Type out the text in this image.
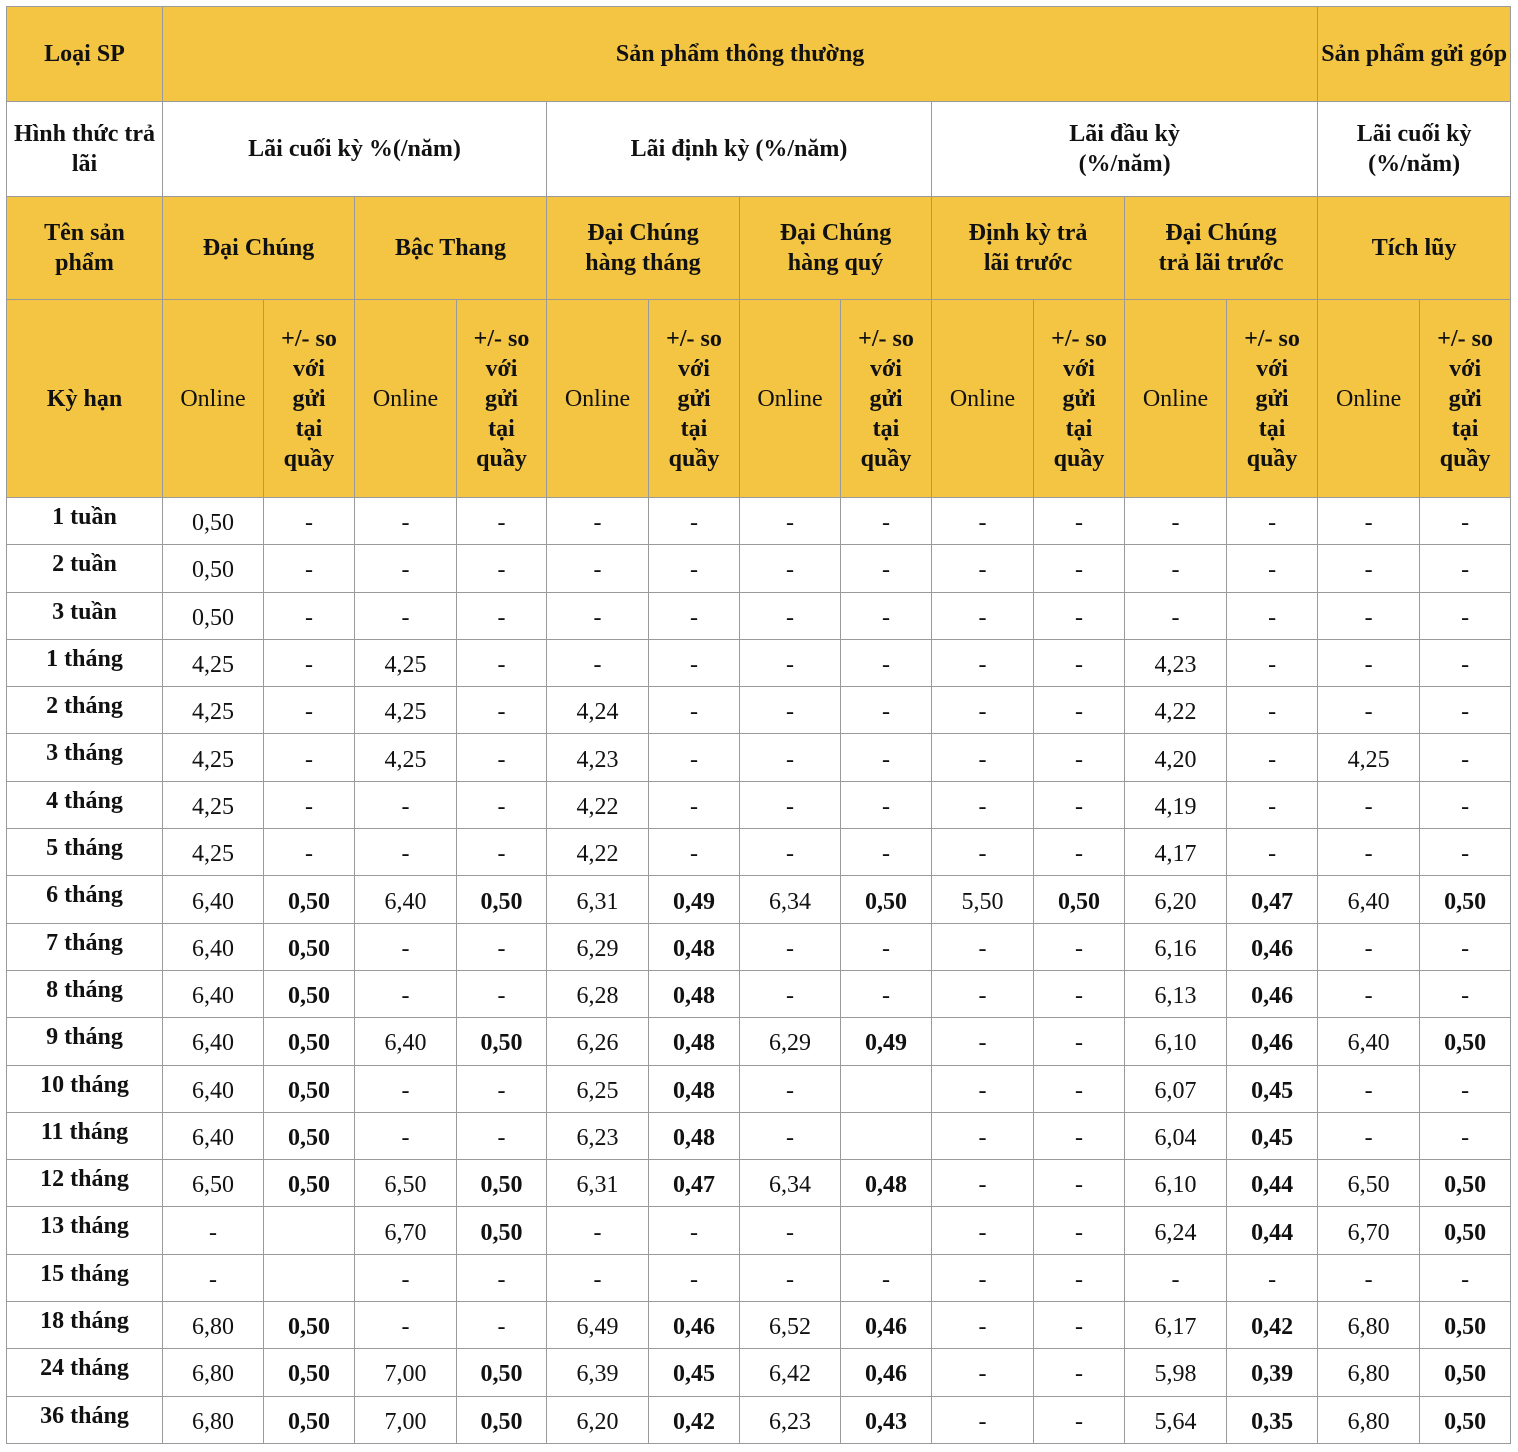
Loại SP	Sản phẩm thông thường												Sản phẩm gửi góp	
Hình thức trả lãi	Lãi cuối kỳ %(/năm)				Lãi định kỳ (%/năm)				Lãi đầu kỳ (%/năm)				Lãi cuối kỳ (%/năm)	
Tên sản phẩm	Đại Chúng		Bậc Thang		Đại Chúng hàng tháng		Đại Chúng hàng quý		Định kỳ trả lãi trước		Đại Chúng trả lãi trước		Tích lũy	
Kỳ hạn	Online	+/- so với gửi tại quầy	Online	+/- so với gửi tại quầy	Online	+/- so với gửi tại quầy	Online	+/- so với gửi tại quầy	Online	+/- so với gửi tại quầy	Online	+/- so với gửi tại quầy	Online	+/- so với gửi tại quầy
1 tuần	0,50	-	-	-	-	-	-	-	-	-	-	-	-	-
2 tuần	0,50	-	-	-	-	-	-	-	-	-	-	-	-	-
3 tuần	0,50	-	-	-	-	-	-	-	-	-	-	-	-	-
1 tháng	4,25	-	4,25	-	-	-	-	-	-	-	4,23	-	-	-
2 tháng	4,25	-	4,25	-	4,24	-	-	-	-	-	4,22	-	-	-
3 tháng	4,25	-	4,25	-	4,23	-	-	-	-	-	4,20	-	4,25	-
4 tháng	4,25	-	-	-	4,22	-	-	-	-	-	4,19	-	-	-
5 tháng	4,25	-	-	-	4,22	-	-	-	-	-	4,17	-	-	-
6 tháng	6,40	0,50	6,40	0,50	6,31	0,49	6,34	0,50	5,50	0,50	6,20	0,47	6,40	0,50
7 tháng	6,40	0,50	-	-	6,29	0,48	-	-	-	-	6,16	0,46	-	-
8 tháng	6,40	0,50	-	-	6,28	0,48	-	-	-	-	6,13	0,46	-	-
9 tháng	6,40	0,50	6,40	0,50	6,26	0,48	6,29	0,49	-	-	6,10	0,46	6,40	0,50
10 tháng	6,40	0,50	-	-	6,25	0,48	-		-	-	6,07	0,45	-	-
11 tháng	6,40	0,50	-	-	6,23	0,48	-		-	-	6,04	0,45	-	-
12 tháng	6,50	0,50	6,50	0,50	6,31	0,47	6,34	0,48	-	-	6,10	0,44	6,50	0,50
13 tháng	-		6,70	0,50	-	-	-		-	-	6,24	0,44	6,70	0,50
15 tháng	-		-	-	-	-	-	-	-	-	-	-	-	-
18 tháng	6,80	0,50	-	-	6,49	0,46	6,52	0,46	-	-	6,17	0,42	6,80	0,50
24 tháng	6,80	0,50	7,00	0,50	6,39	0,45	6,42	0,46	-	-	5,98	0,39	6,80	0,50
36 tháng	6,80	0,50	7,00	0,50	6,20	0,42	6,23	0,43	-	-	5,64	0,35	6,80	0,50
